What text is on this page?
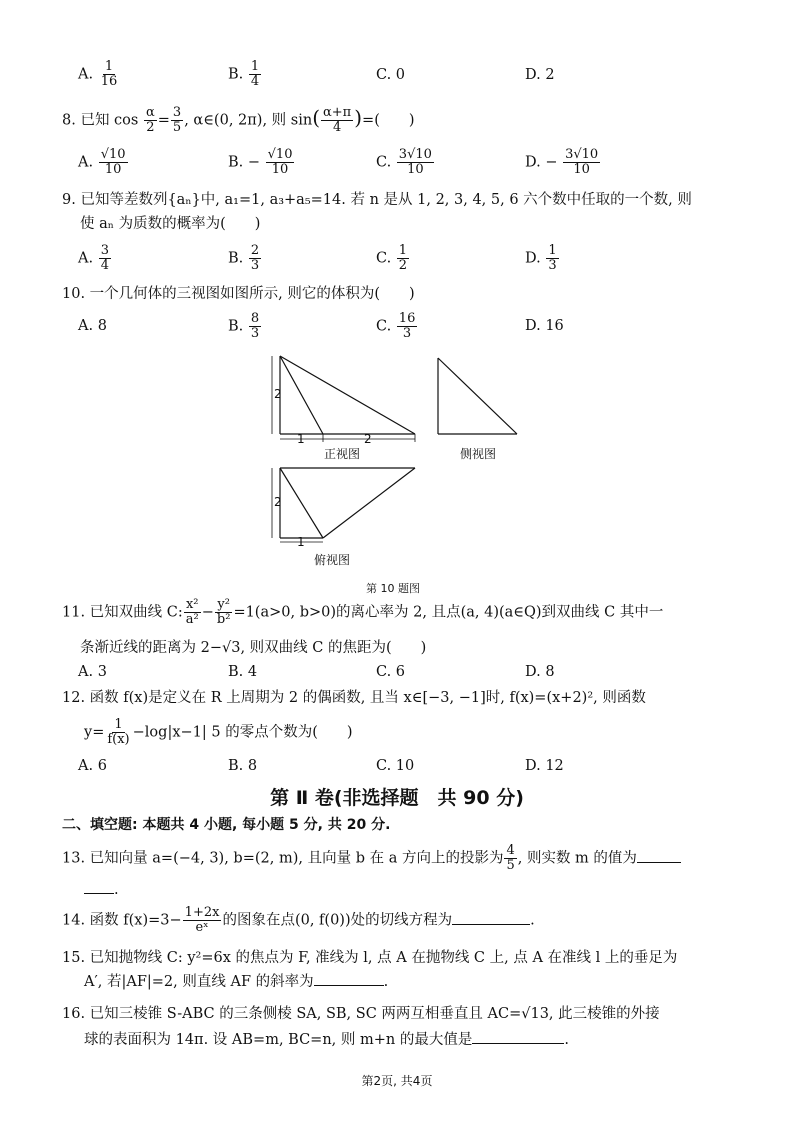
A. $\frac{1}{16}$	B. $\frac{1}{4}$	C. 0	D. 2
8. 已知 $\cos \frac{\alpha}{2} = \frac{3}{5}$ , α∈(0, 2π), 则 $\sin( \frac{\alpha+\pi}{4}$ )=(　　)
A. $\frac{√10}{10}$	B. − $\frac{√10}{10}$	C. $\frac{3√10}{10}$	D. − $\frac{3√10}{10}$
9. 已知等差数列{aₙ}中, a₁=1, a₃+a₅=14. 若 n 是从 1, 2, 3, 4, 5, 6 六个数中任取的一个数, 则
使 aₙ 为质数的概率为(　　)
A. $\frac{3}{4}$	B. $\frac{2}{3}$	C. $\frac{1}{2}$	D. $\frac{1}{3}$
10. 一个几何体的三视图如图所示, 则它的体积为(　　)
A. 8	B. $\frac{8}{3}$	C. $\frac{16}{3}$	D. 16
2
1	2
2
1
正视图	侧视图
俯视图
第 10 题图
11. 已知双曲线 C: $\frac{\text{x²}}{\text{a²}} - \frac{\text{y²}}{\text{b²}} =1(a>0$, b>0)的离心率为 2, 且点(a, 4)(a∈Q)到双曲线 C 其中一
条渐近线的距离为 2−√3, 则双曲线 C 的焦距为(　　)
A. 3	B. 4	C. 6	D. 8
12. 函数 f(x)是定义在 R 上周期为 2 的偶函数, 且当 x∈[−3, −1]时, f(x)=(x+2)², 则函数
$y= \frac{1}{f(x)} -\log|x-1|$ 5 的零点个数为(　　)
A. 6	B. 8	C. 10	D. 12
第 Ⅱ 卷(非选择题　共 90 分)
二、填空题: 本题共 4 小题, 每小题 5 分, 共 20 分.
13. 已知向量 a=(−4, 3), b=(2, m), 且向量 b 在 a 方向上的投影为 $\frac{4}{5}$ , 则实数 m 的值为
.
14. 函数 $f(x)=3- \frac{1+2x}{\text{eˣ}}$ 的图象在点(0, f(0))处的切线方程为	.
15. 已知抛物线 C: y²=6x 的焦点为 F, 准线为 l, 点 A 在抛物线 C 上, 点 A 在准线 l 上的垂足为
A′, 若|AF|=2, 则直线 AF 的斜率为	.
16. 已知三棱锥 S-ABC 的三条侧棱 SA, SB, SC 两两互相垂直且 AC=√13, 此三棱锥的外接
球的表面积为 14π. 设 AB=m, BC=n, 则 m+n 的最大值是	.
第2页, 共4页
